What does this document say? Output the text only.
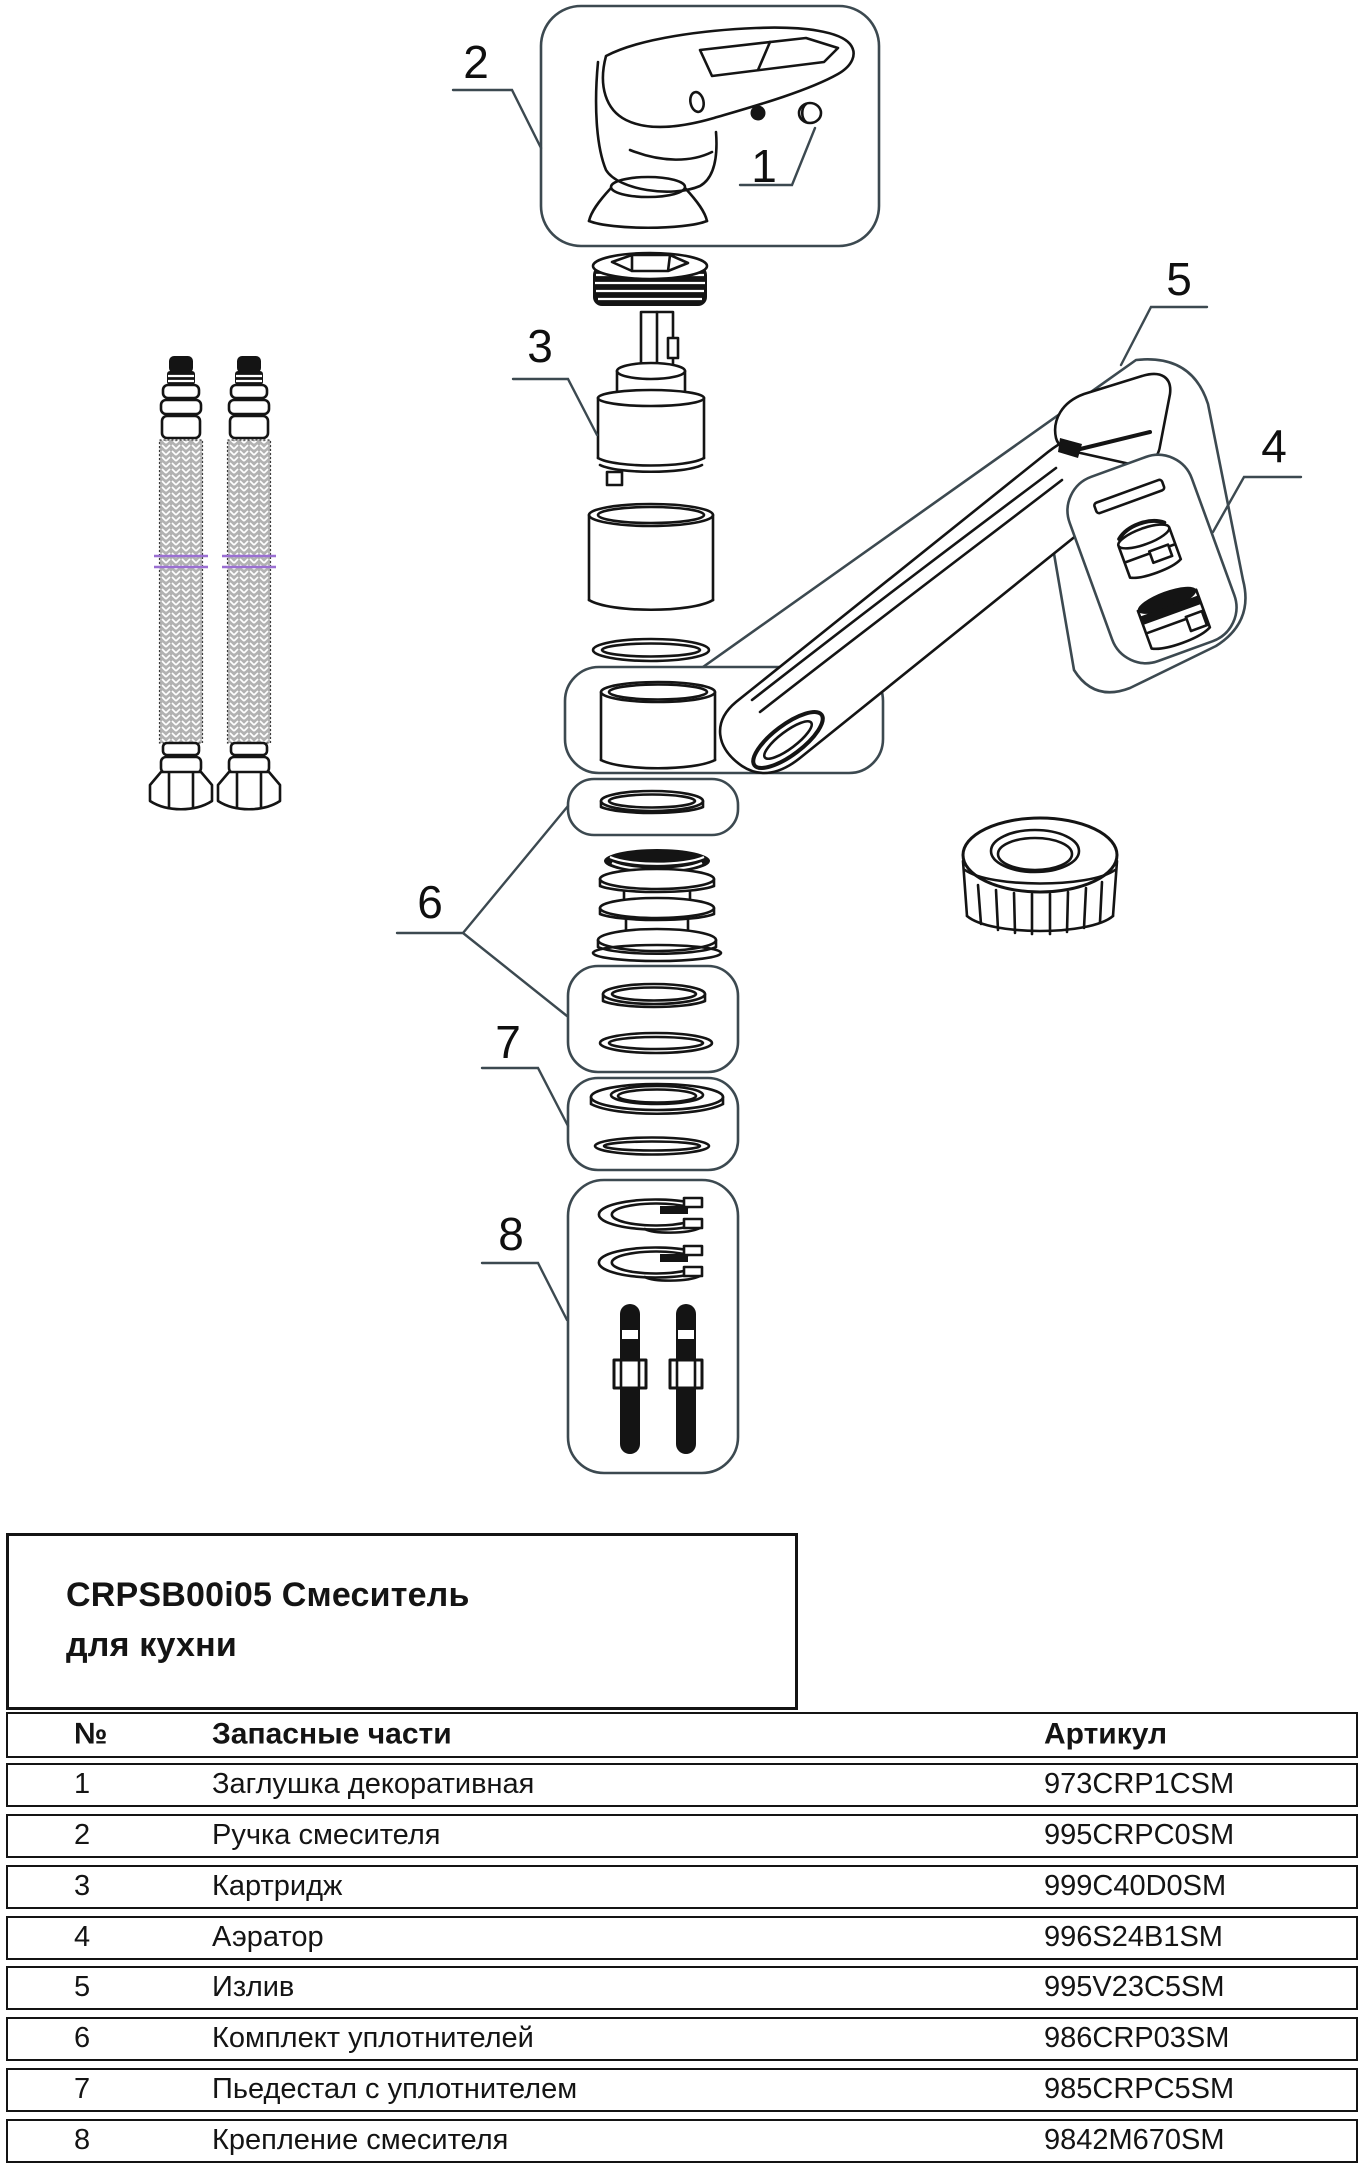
2
1
3
5
4
6
7
8
CRPSB00i05 Смеситель
для кухни
№	Запасные части	Артикул
1	Заглушка декоративная	973CRP1CSM
2	Ручка смесителя	995CRPC0SM
3	Картридж	999C40D0SM
4	Аэратор	996S24B1SM
5	Излив	995V23C5SM
6	Комплект уплотнителей	986CRP03SM
7	Пьедестал с уплотнителем	985CRPC5SM
8	Крепление смесителя	9842M670SM
